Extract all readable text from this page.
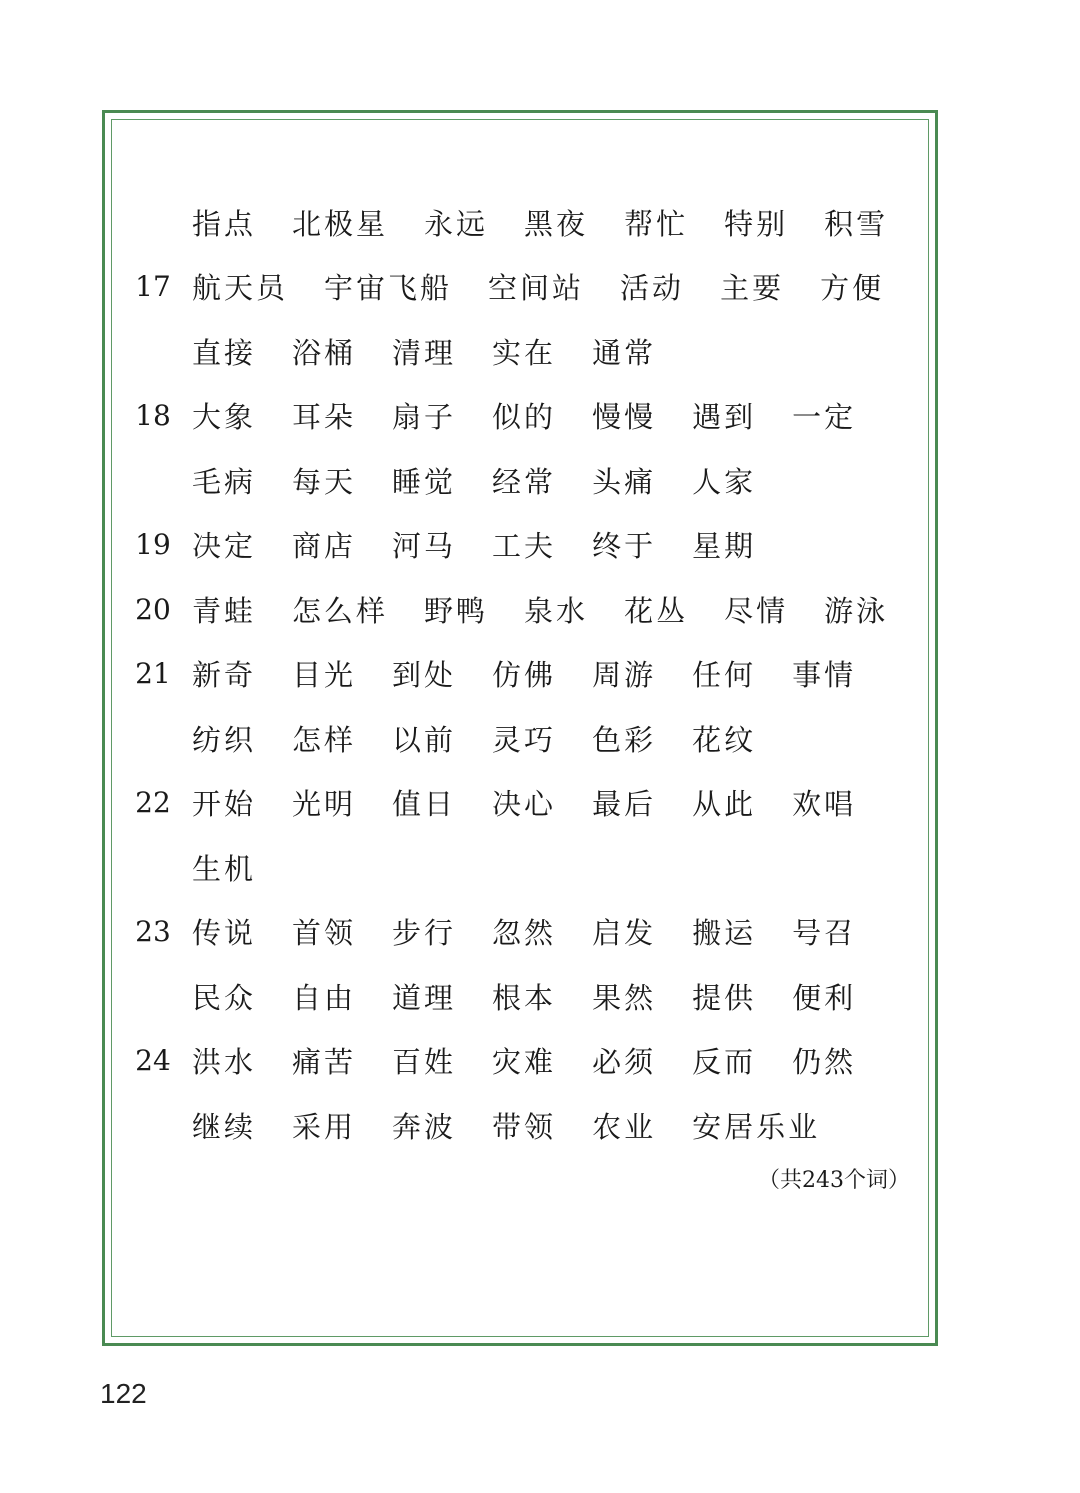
指点 北极星 永远 黑夜 帮忙 特别 积雪
17 航天员 宇宙飞船 空间站 活动 主要 方便
直接 浴桶 清理 实在 通常
18 大象 耳朵 扇子 似的 慢慢 遇到 一定
毛病 每天 睡觉 经常 头痛 人家
19 决定 商店 河马 工夫 终于 星期
20 青蛙 怎么样 野鸭 泉水 花丛 尽情 游泳
21 新奇 目光 到处 仿佛 周游 任何 事情
纺织 怎样 以前 灵巧 色彩 花纹
22 开始 光明 值日 决心 最后 从此 欢唱
生机
23 传说 首领 步行 忽然 启发 搬运 号召
民众 自由 道理 根本 果然 提供 便利
24 洪水 痛苦 百姓 灾难 必须 反而 仍然
继续 采用 奔波 带领 农业 安居乐业
（共243个词）
122
